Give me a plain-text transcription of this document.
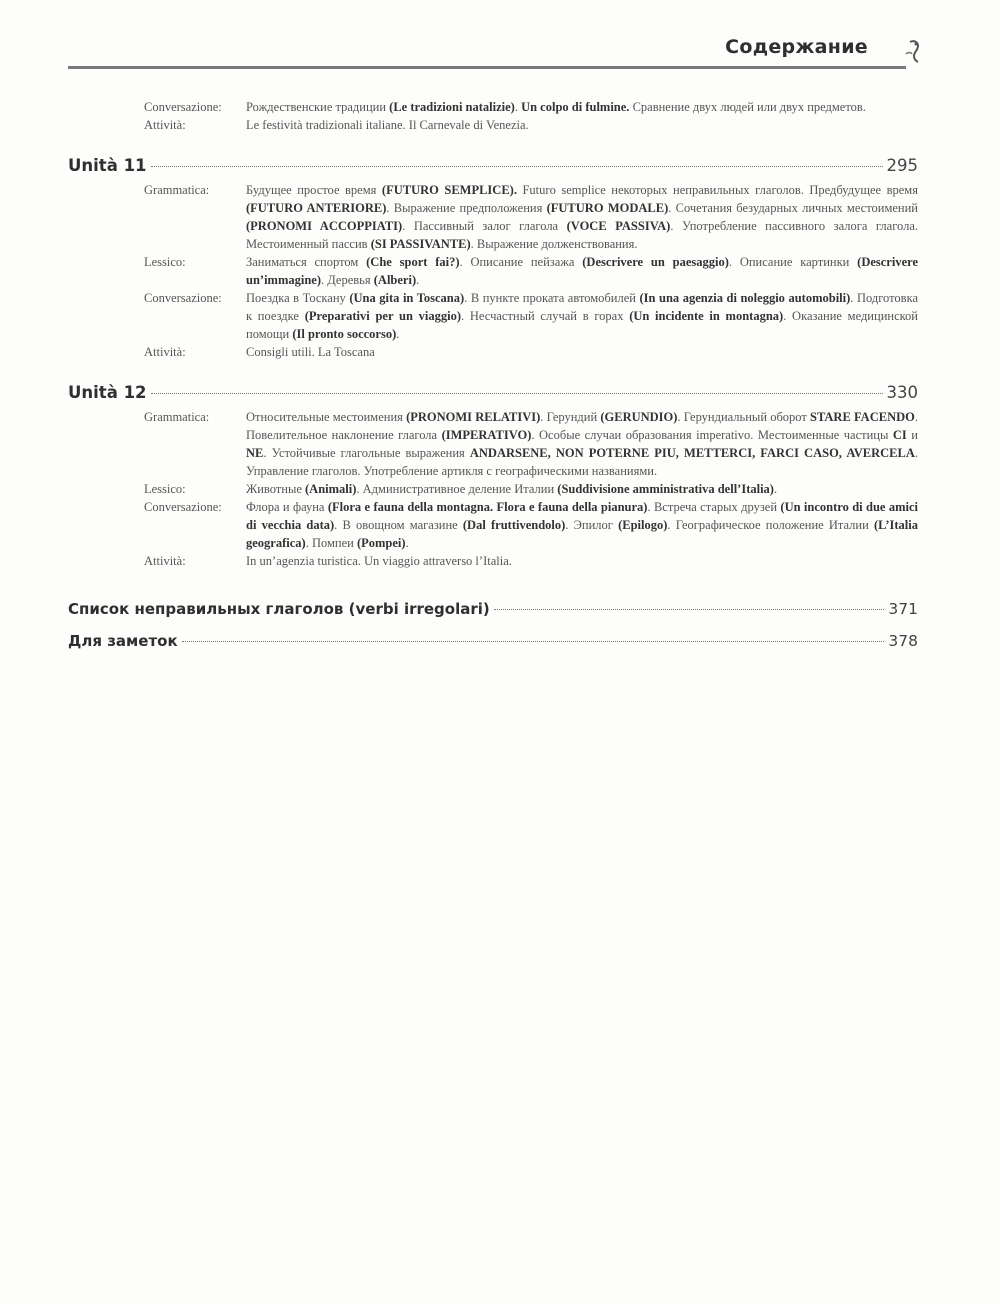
Содержание
Conversazione:	Рождественские традиции (Le tradizioni natalizie). Un colpo di fulmine. Сравнение двух людей или двух предметов.
Attività:	Le festività tradizionali italiane. Il Carnevale di Venezia.
Unità 11	295
Grammatica:	Будущее простое время (FUTURO SEMPLICE). Futuro semplice некоторых неправильных глаголов. Предбудущее время (FUTURO ANTERIORE). Выражение предположения (FUTURO MODALE). Сочетания безударных личных местоимений (PRONOMI ACCOPPIATI). Пассивный залог глагола (VOCE PASSIVA). Употребление пассивного залога глагола. Местоименный пассив (SI PASSIVANTE). Выражение долженствования.
Lessico:	Заниматься спортом (Che sport fai?). Описание пейзажа (Descrivere un paesaggio). Описание картинки (Descrivere un’immagine). Деревья (Alberi).
Conversazione:	Поездка в Тоскану (Una gita in Toscana). В пункте проката автомобилей (In una agenzia di noleggio automobili). Подготовка к поездке (Preparativi per un viaggio). Несчастный случай в горах (Un incidente in montagna). Оказание медицинской помощи (Il pronto soccorso).
Attività:	Consigli utili. La Toscana
Unità 12	330
Grammatica:	Относительные местоимения (PRONOMI RELATIVI). Герундий (GERUNDIO). Герундиальный оборот STARE FACENDO. Повелительное наклонение глагола (IMPERATIVO). Особые случаи образования imperativo. Местоименные частицы CI и NE. Устойчивые глагольные выражения ANDARSENE, NON POTERNE PIU, METTERCI, FARCI CASO, AVERCELA. Управление глаголов. Употребление артикля с географическими названиями.
Lessico:	Животные (Animali). Административное деление Италии (Suddivisione amministrativa dell’Italia).
Conversazione:	Флора и фауна (Flora e fauna della montagna. Flora e fauna della pianura). Встреча старых друзей (Un incontro di due amici di vecchia data). В овощном магазине (Dal fruttivendolo). Эпилог (Epilogo). Географическое положение Италии (L’Italia geografica). Помпеи (Pompei).
Attività:	In un’agenzia turistica. Un viaggio attraverso l’Italia.
Список неправильных глаголов (verbi irregolari)	371
Для заметок	378
